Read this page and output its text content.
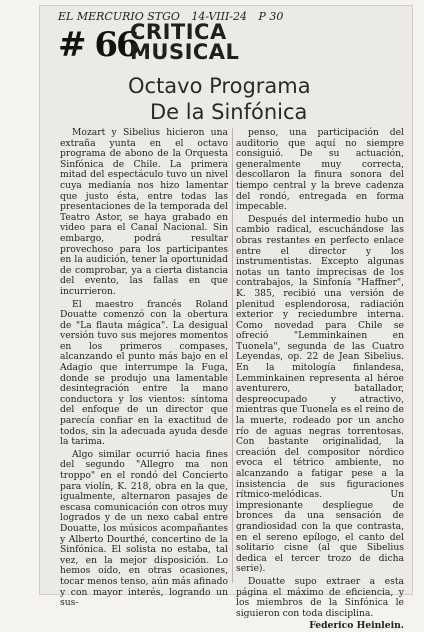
EL MERCURIO STGO 14-VIII-24 P 30
# 66
CRITICA
MUSICAL
Octavo Programa
De la Sinfónica

Mozart y Sibelius hicieron una extraña yunta en el octavo programa de abono de la Orquesta Sinfónica de Chile. La primera mitad del espectáculo tuvo un nivel cuya medianía nos hizo lamentar que justo ésta, entre todas las presentaciones de la temporada del Teatro Astor, se haya grabado en video para el Canal Nacional. Sin embargo, podrá resultar provechoso para los participantes en la audición, tener la oportunidad de comprobar, ya a cierta distancia del evento, las fallas en que incurrieron.

El maestro francés Roland Douatte comenzó con la obertura de "La flauta mágica". La desigual versión tuvo sus mejores momentos en los primeros compases, alcanzando el punto más bajo en el Adagio que interrumpe la Fuga, donde se produjo una lamentable desintegración entre la mano conductora y los vientos: síntoma del enfoque de un director que parecía confiar en la exactitud de todos, sin la adecuada ayuda desde la tarima.

Algo similar ocurrió hacia fines del segundo "Allegro ma non troppo" en el rondó del Concierto para violín, K. 218, obra en la que, igualmente, alternaron pasajes de escasa comunicación con otros muy logrados y de un nexo cabal entre Douatte, los músicos acompañantes y Alberto Dourthé, concertino de la Sinfónica. El solista no estaba, tal vez, en la mejor disposición. Lo hemos oído, en otras ocasiones, tocar menos tenso, aún más afinado y con mayor interés, logrando un sus-

penso, una participación del auditorio que aquí no siempre consiguió. De su actuación, generalmente muy correcta, descollaron la finura sonora del tiempo central y la breve cadenza del rondó, entregada en forma impecable.

Después del intermedio hubo un cambio radical, escuchándose las obras restantes en perfecto enlace entre el director y los instrumentistas. Excepto algunas notas un tanto imprecisas de los contrabajos, la Sinfonía "Haffner", K. 385, recibió una versión de plenitud esplendorosa, radiación exterior y reciedumbre interna. Como novedad para Chile se ofreció "Lemminkainen en Tuonela", segunda de las Cuatro Leyendas, op. 22 de Jean Sibelius. En la mitología finlandesa, Lemminkainen representa al héroe aventurero, batallador, despreocupado y atractivo, mientras que Tuonela es el reino de la muerte, rodeado por un ancho río de aguas negras torrentosas. Con bastante originalidad, la creación del compositor nórdico evoca el tétrico ambiente, no alcanzando a fatigar pese a la insistencia de sus figuraciones rítmico-melódicas. Un impresionante despliegue de bronces da una sensación de grandiosidad con la que contrasta, en el sereno epílogo, el canto del solitario cisne (al que Sibelius dedica el tercer trozo de dicha serie).

Douatte supo extraer a esta página el máximo de eficiencia, y los miembros de la Sinfónica le siguieron con toda disciplina.

Federico Heinlein.
